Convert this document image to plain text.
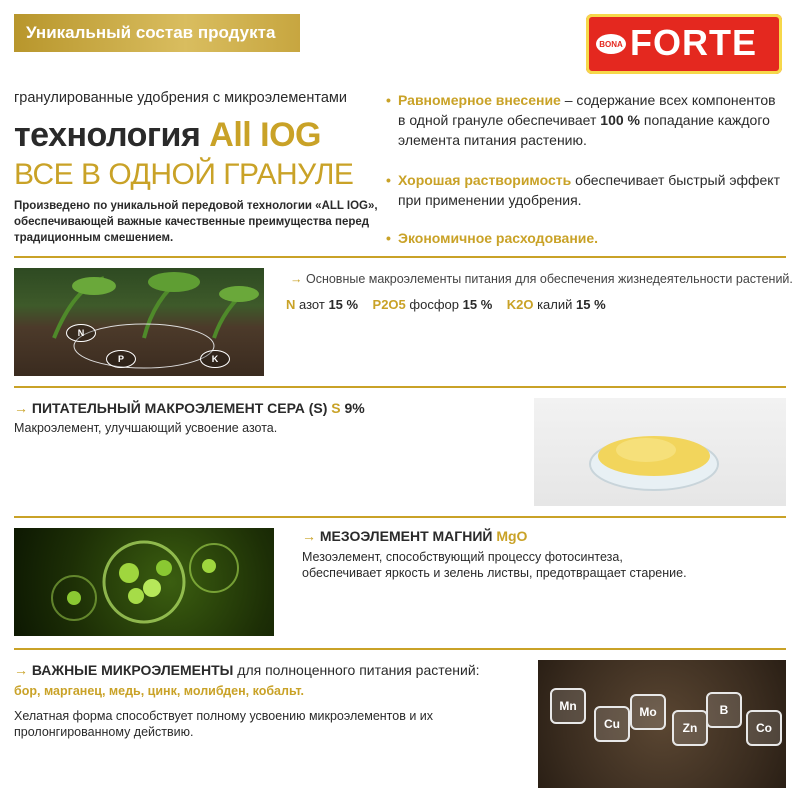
Уникальный состав продукта
BONA FORTE
гранулированные удобрения с микроэлементами
технология All IOG
ВСЕ В ОДНОЙ ГРАНУЛЕ
Произведено по уникальной передовой технологии «ALL IOG», обеспечивающей важные качественные преимущества перед традиционным смешением.
• Равномерное внесение – содержание всех компонентов в одной грануле обеспечивает 100 % попадание каждого элемента питания растению.
• Хорошая растворимость обеспечивает быстрый эффект при применении удобрения.
• Экономичное расходование.
N
P	K
→ Основные макроэлементы питания для обеспечения жизнедеятельности растений.
N азот 15 % P2O5 фосфор 15 % K2O калий 15 %
→ ПИТАТЕЛЬНЫЙ МАКРОЭЛЕМЕНТ СЕРА (S) S 9%
Макроэлемент, улучшающий усвоение азота.
→ МЕЗОЭЛЕМЕНТ МАГНИЙ MgO
Мезоэлемент, способствующий процессу фотосинтеза, обеспечивает яркость и зелень листвы, предотвращает старение.
→ ВАЖНЫЕ МИКРОЭЛЕМЕНТЫ для полноценного питания растений:
бор, марганец, медь, цинк, молибден, кобальт.
Хелатная форма способствует полному усвоению микроэлементов и их пролонгированному действию.
Mn
Cu
Mo
Zn
B
Co
